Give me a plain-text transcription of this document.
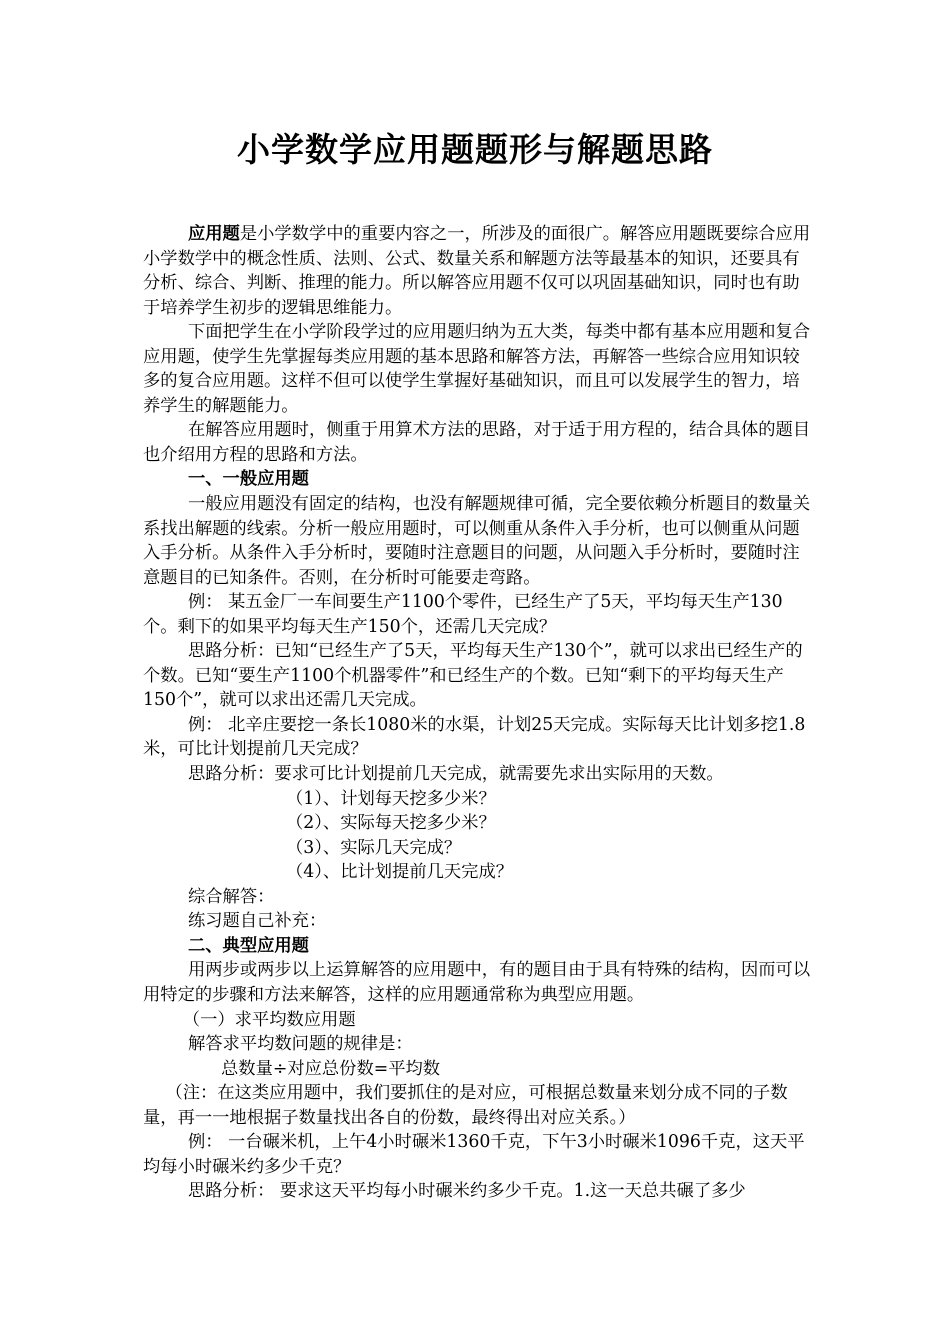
小学数学应用题题形与解题思路

应用题是小学数学中的重要内容之一，所涉及的面很广。解答应用题既要综合应用小学数学中的概念性质、法则、公式、数量关系和解题方法等最基本的知识，还要具有分析、综合、判断、推理的能力。所以解答应用题不仅可以巩固基础知识，同时也有助于培养学生初步的逻辑思维能力。

下面把学生在小学阶段学过的应用题归纳为五大类，每类中都有基本应用题和复合应用题，使学生先掌握每类应用题的基本思路和解答方法，再解答一些综合应用知识较多的复合应用题。这样不但可以使学生掌握好基础知识，而且可以发展学生的智力，培养学生的解题能力。

在解答应用题时，侧重于用算术方法的思路，对于适于用方程的，结合具体的题目也介绍用方程的思路和方法。

一、一般应用题

一般应用题没有固定的结构，也没有解题规律可循，完全要依赖分析题目的数量关系找出解题的线索。分析一般应用题时，可以侧重从条件入手分析，也可以侧重从问题入手分析。从条件入手分析时，要随时注意题目的问题，从问题入手分析时，要随时注意题目的已知条件。否则，在分析时可能要走弯路。

例： 某五金厂一车间要生产1100个零件，已经生产了5天，平均每天生产130个。剩下的如果平均每天生产150个，还需几天完成？

思路分析：已知“已经生产了5天，平均每天生产130个”，就可以求出已经生产的个数。已知“要生产1100个机器零件”和已经生产的个数。已知“剩下的平均每天生产150个”，就可以求出还需几天完成。

例： 北辛庄要挖一条长1080米的水渠，计划25天完成。实际每天比计划多挖1.8米，可比计划提前几天完成？

思路分析：要求可比计划提前几天完成，就需要先求出实际用的天数。

（1）、计划每天挖多少米？

（2）、实际每天挖多少米？

（3）、实际几天完成？

（4）、比计划提前几天完成？

综合解答：

练习题自己补充：

二、典型应用题

用两步或两步以上运算解答的应用题中，有的题目由于具有特殊的结构，因而可以用特定的步骤和方法来解答，这样的应用题通常称为典型应用题。

（一）求平均数应用题

解答求平均数问题的规律是：

总数量÷对应总份数=平均数

（注：在这类应用题中，我们要抓住的是对应，可根据总数量来划分成不同的子数量，再一一地根据子数量找出各自的份数，最终得出对应关系。）

例： 一台碾米机，上午4小时碾米1360千克，下午3小时碾米1096千克，这天平均每小时碾米约多少千克？

思路分析： 要求这天平均每小时碾米约多少千克。1.这一天总共碾了多少
